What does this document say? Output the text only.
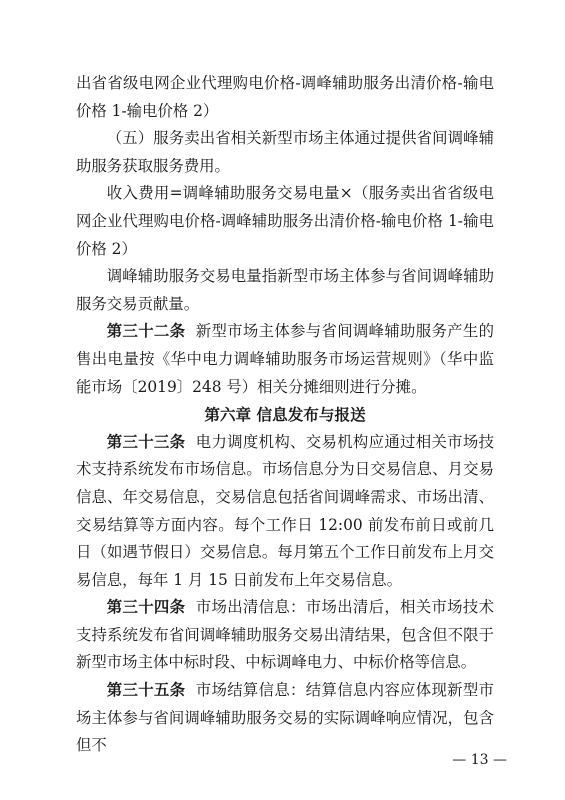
出省省级电网企业代理购电价格-调峰辅助服务出清价格-输电价格 1-输电价格 2）

（五）服务卖出省相关新型市场主体通过提供省间调峰辅助服务获取服务费用。

收入费用=调峰辅助服务交易电量×（服务卖出省省级电网企业代理购电价格-调峰辅助服务出清价格-输电价格 1-输电价格 2）

调峰辅助服务交易电量指新型市场主体参与省间调峰辅助服务交易贡献量。

第三十二条 新型市场主体参与省间调峰辅助服务产生的售出电量按《华中电力调峰辅助服务市场运营规则》（华中监能市场〔2019〕248 号）相关分摊细则进行分摊。

第六章 信息发布与报送

第三十三条 电力调度机构、交易机构应通过相关市场技术支持系统发布市场信息。市场信息分为日交易信息、月交易信息、年交易信息，交易信息包括省间调峰需求、市场出清、交易结算等方面内容。每个工作日 12:00 前发布前日或前几日（如遇节假日）交易信息。每月第五个工作日前发布上月交易信息，每年 1 月 15 日前发布上年交易信息。

第三十四条 市场出清信息：市场出清后，相关市场技术支持系统发布省间调峰辅助服务交易出清结果，包含但不限于新型市场主体中标时段、中标调峰电力、中标价格等信息。

第三十五条 市场结算信息：结算信息内容应体现新型市场主体参与省间调峰辅助服务交易的实际调峰响应情况，包含但不

— 13 —
